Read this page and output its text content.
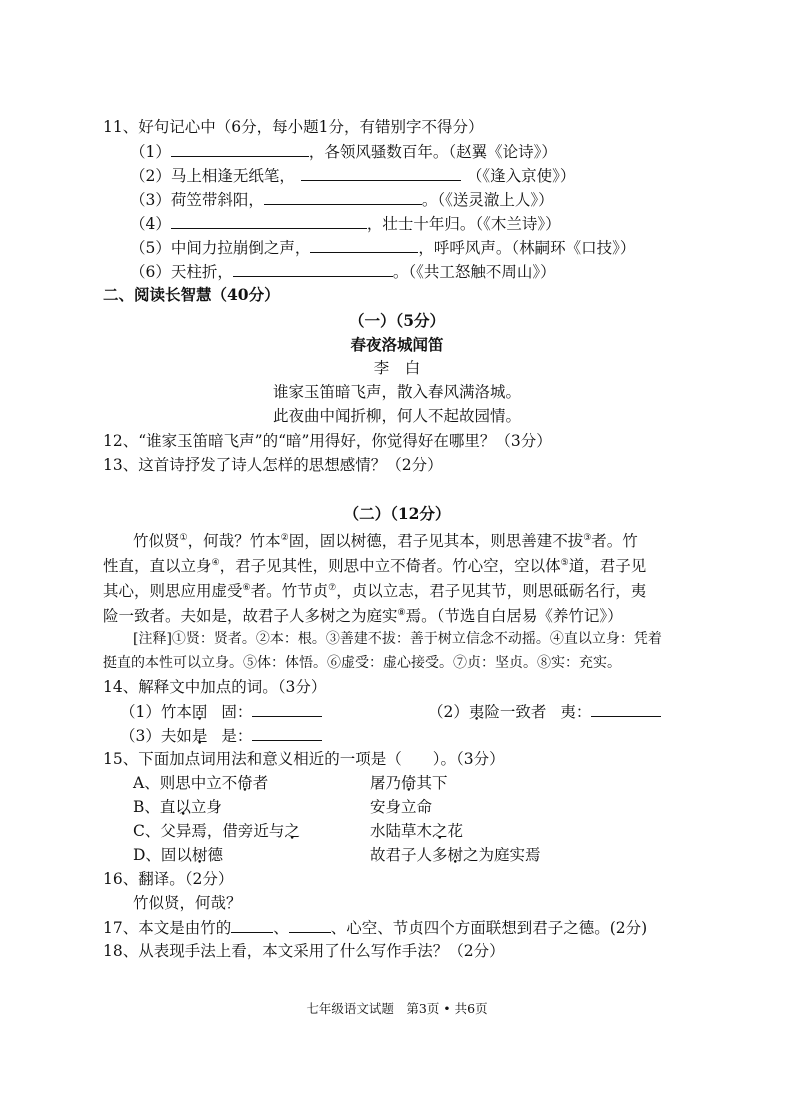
11、好句记心中（6分，每小题1分，有错别字不得分）
（1）	，各领风骚数百年。（赵翼《论诗》）
（2）马上相逢无纸笔，	（《逢入京使》）
（3）荷笠带斜阳，	。（《送灵澈上人》）
（4）	，壮士十年归。（《木兰诗》）
（5）中间力拉崩倒之声，	，呼呼风声。（林嗣环《口技》）
（6）天柱折，	。（《共工怒触不周山》）
二、阅读长智慧（40分）
（一）（5分）
春夜洛城闻笛
李　白
谁家玉笛暗飞声，散入春风满洛城。
此夜曲中闻折柳，何人不起故园情。
12、“谁家玉笛暗飞声”的“暗”用得好，你觉得好在哪里？（3分）
13、这首诗抒发了诗人怎样的思想感情？（2分）
（二）（12分）
竹似贤①，何哉？竹本②固，固以树德，君子见其本，则思善建不拔③者。竹
性直，直以立身④，君子见其性，则思中立不倚者。竹心空，空以体⑤道，君子见
其心，则思应用虚受⑥者。竹节贞⑦，贞以立志，君子见其节，则思砥砺名行，夷
险一致者。夫如是，故君子人多树之为庭实⑧焉。（节选自白居易《养竹记》）
[注释]①贤：贤者。②本：根。③善建不拔：善于树立信念不动摇。④直以立身：凭着
挺直的本性可以立身。⑤体：体悟。⑥虚受：虚心接受。⑦贞：坚贞。⑧实：充实。
14、解释文中加点的词。（3分）
（1）竹本固 固：	（2）夷险一致者 夷：
（3）夫如是 是：
15、下面加点词用法和意义相近的一项是（　　）。（3分）
A、则思中立不倚者	屠乃倚其下
B、直以立身	安身立命
C、父异焉，借旁近与之	水陆草木之花
D、固以树德	故君子人多树之为庭实焉
16、翻译。（2分）
竹似贤，何哉？
17、本文是由竹的	、	、心空、节贞四个方面联想到君子之德。(2分)
18、从表现手法上看，本文采用了什么写作手法？（2分）
七年级语文试题　第3页 • 共6页
